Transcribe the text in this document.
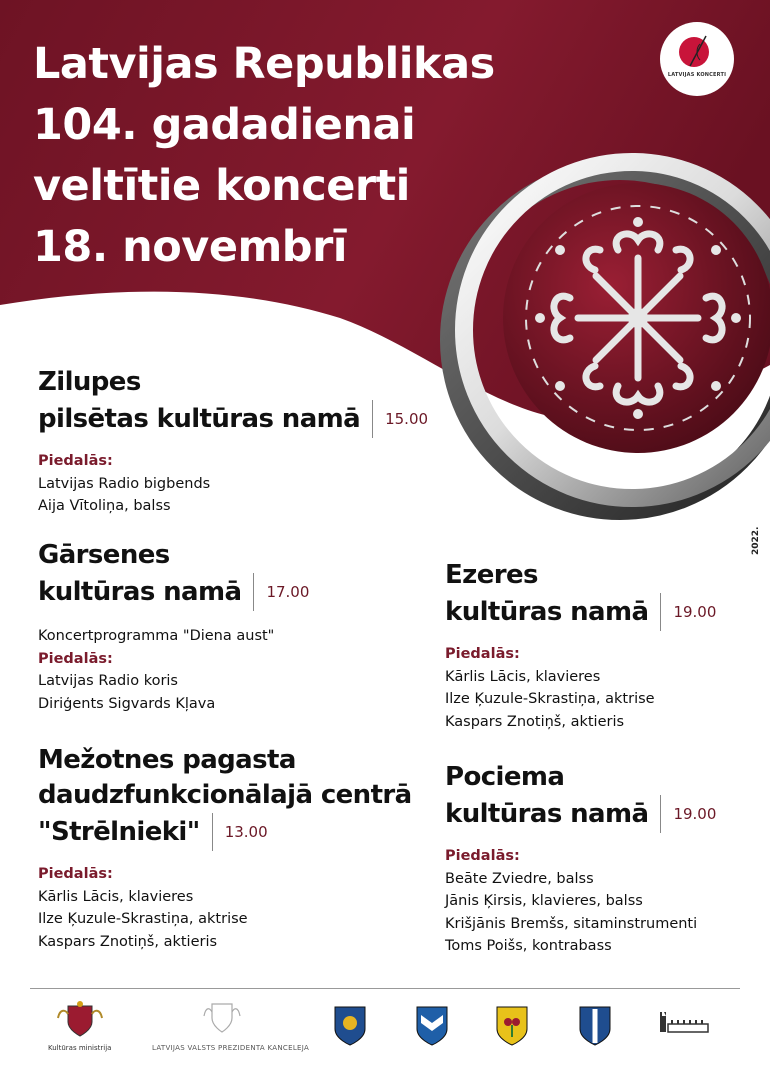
Latvijas Republikas
104. gadadienai
veltītie koncerti
18. novembrī
LATVIJAS KONCERTI
2022.
Zilupes
pilsētas kultūras namā	15.00
Piedalās:
Latvijas Radio bigbends
Aija Vītoliņa, balss
Gārsenes
kultūras namā	17.00
Koncertprogramma "Diena aust"
Piedalās:
Latvijas Radio koris
Diriģents Sigvards Kļava
Mežotnes pagasta
daudzfunkcionālajā centrā
"Strēlnieki"	13.00
Piedalās:
Kārlis Lācis, klavieres
Ilze Ķuzule-Skrastiņa, aktrise
Kaspars Znotiņš, aktieris
Ezeres
kultūras namā	19.00
Piedalās:
Kārlis Lācis, klavieres
Ilze Ķuzule-Skrastiņa, aktrise
Kaspars Znotiņš, aktieris
Pociema
kultūras namā	19.00
Piedalās:
Beāte Zviedre, balss
Jānis Ķirsis, klavieres, balss
Krišjānis Bremšs, sitaminstrumenti
Toms Poišs, kontrabass
Kultūras ministrija	LATVIJAS VALSTS PREZIDENTA KANCELEJA
